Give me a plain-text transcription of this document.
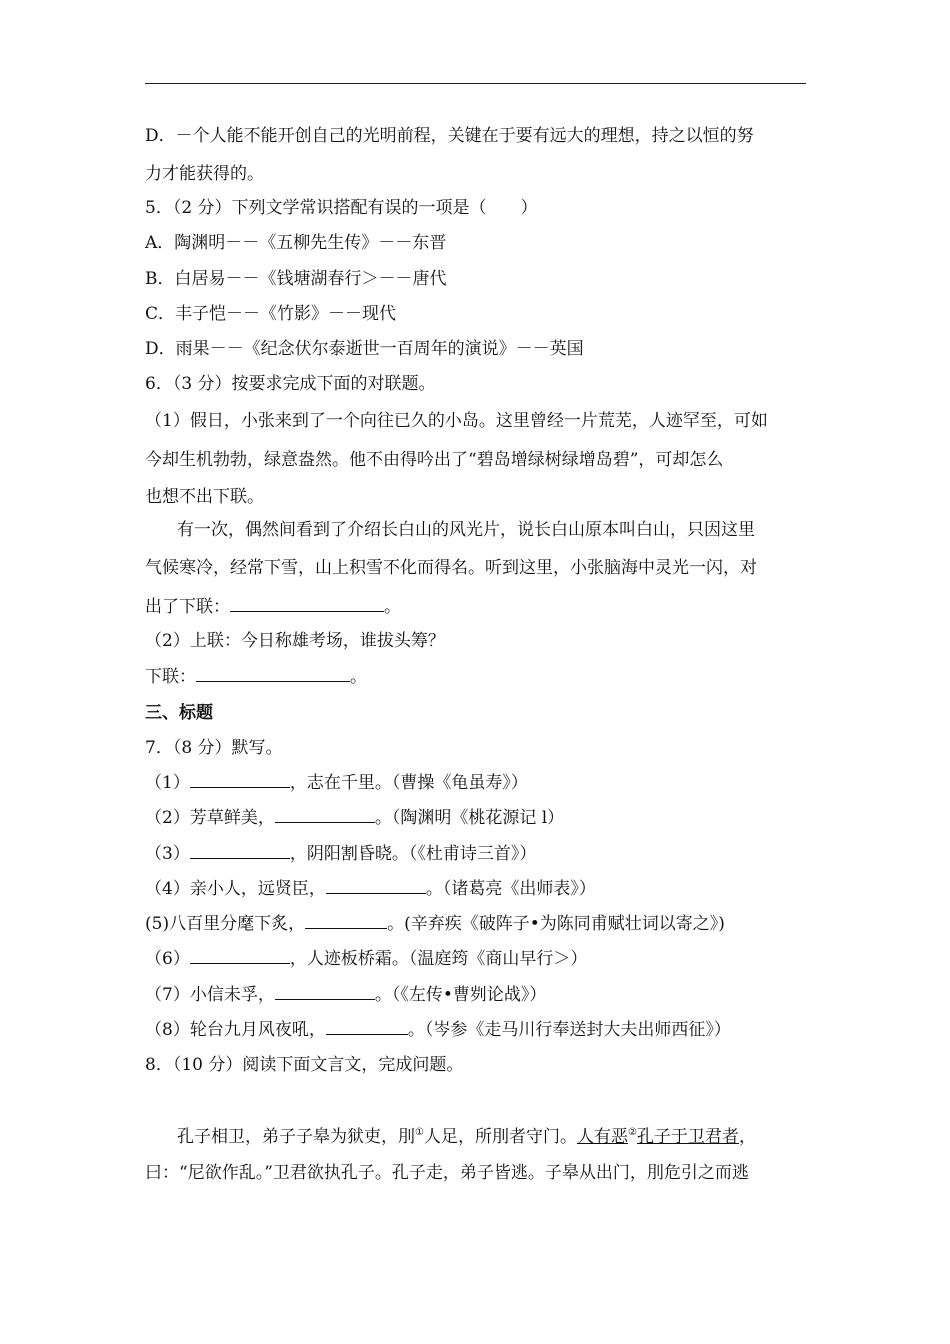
D．－个人能不能开创自己的光明前程，关键在于要有远大的理想，持之以恒的努
力才能获得的。
5．（2 分）下列文学常识搭配有误的一项是（　　）
A．陶渊明－－《五柳先生传》－－东晋
B．白居易－－《钱塘湖春行＞－－唐代
C．丰子恺－－《竹影》－－现代
D．雨果－－《纪念伏尔泰逝世一百周年的演说》－－英国
6．（3 分）按要求完成下面的对联题。
（1）假日，小张来到了一个向往已久的小岛。这里曾经一片荒芜，人迹罕至，可如
今却生机勃勃，绿意盎然。他不由得吟出了“碧岛增绿树绿增岛碧”，可却怎么
也想不出下联。
有一次，偶然间看到了介绍长白山的风光片，说长白山原本叫白山，只因这里
气候寒冷，经常下雪，山上积雪不化而得名。听到这里，小张脑海中灵光一闪，对
出了下联：	。
（2）上联：今日称雄考场，谁拔头筹？
下联：	。
三、标题
7．（8 分）默写。
（1）	，志在千里。（曹操《龟虽寿》）
（2）芳草鲜美，	。（陶渊明《桃花源记 l）
（3）	，阴阳割昏晓。（《杜甫诗三首》）
（4）亲小人，远贤臣，	。（诸葛亮《出师表》）
(5)八百里分麾下炙，	。(辛弃疾《破阵子•为陈同甫赋壮词以寄之》)
（6）	，人迹板桥霜。（温庭筠《商山早行＞）
（7）小信未孚，	。（《左传•曹刿论战》）
（8）轮台九月风夜吼，	。（岑参《走马川行奉送封大夫出师西征》）
8．（10 分）阅读下面文言文，完成问题。
孔子相卫，弟子子皋为狱吏，刖①人足，所刖者守门。人有恶②孔子于卫君者，
曰：“尼欲作乱。”卫君欲执孔子。孔子走，弟子皆逃。子皋从出门，刖危引之而逃
